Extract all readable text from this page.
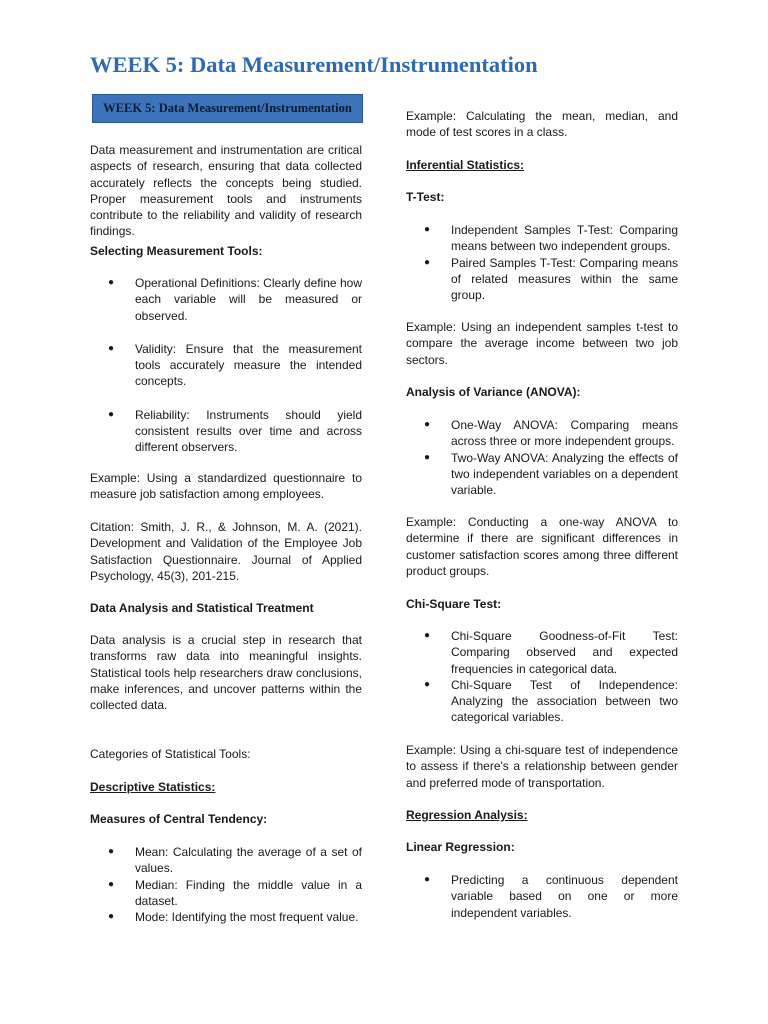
WEEK 5: Data Measurement/Instrumentation
WEEK 5: Data Measurement/Instrumentation

Data measurement and instrumentation are critical aspects of research, ensuring that data collected accurately reflects the concepts being studied. Proper measurement tools and instruments contribute to the reliability and validity of research findings.

Selecting Measurement Tools:
● Operational Definitions: Clearly define how each variable will be measured or observed.
● Validity: Ensure that the measurement tools accurately measure the intended concepts.
● Reliability: Instruments should yield consistent results over time and across different observers.

Example: Using a standardized questionnaire to measure job satisfaction among employees.

Citation: Smith, J. R., & Johnson, M. A. (2021). Development and Validation of the Employee Job Satisfaction Questionnaire. Journal of Applied Psychology, 45(3), 201-215.

Data Analysis and Statistical Treatment

Data analysis is a crucial step in research that transforms raw data into meaningful insights. Statistical tools help researchers draw conclusions, make inferences, and uncover patterns within the collected data.

Categories of Statistical Tools:
Descriptive Statistics:
Measures of Central Tendency:
● Mean: Calculating the average of a set of values.
● Median: Finding the middle value in a dataset.
● Mode: Identifying the most frequent value.

Example: Calculating the mean, median, and mode of test scores in a class.

Inferential Statistics:
T-Test:
● Independent Samples T-Test: Comparing means between two independent groups.
● Paired Samples T-Test: Comparing means of related measures within the same group.

Example: Using an independent samples t-test to compare the average income between two job sectors.

Analysis of Variance (ANOVA):
● One-Way ANOVA: Comparing means across three or more independent groups.
● Two-Way ANOVA: Analyzing the effects of two independent variables on a dependent variable.

Example: Conducting a one-way ANOVA to determine if there are significant differences in customer satisfaction scores among three different product groups.

Chi-Square Test:
● Chi-Square Goodness-of-Fit Test: Comparing observed and expected frequencies in categorical data.
● Chi-Square Test of Independence: Analyzing the association between two categorical variables.

Example: Using a chi-square test of independence to assess if there's a relationship between gender and preferred mode of transportation.

Regression Analysis:
Linear Regression:
● Predicting a continuous dependent variable based on one or more independent variables.
